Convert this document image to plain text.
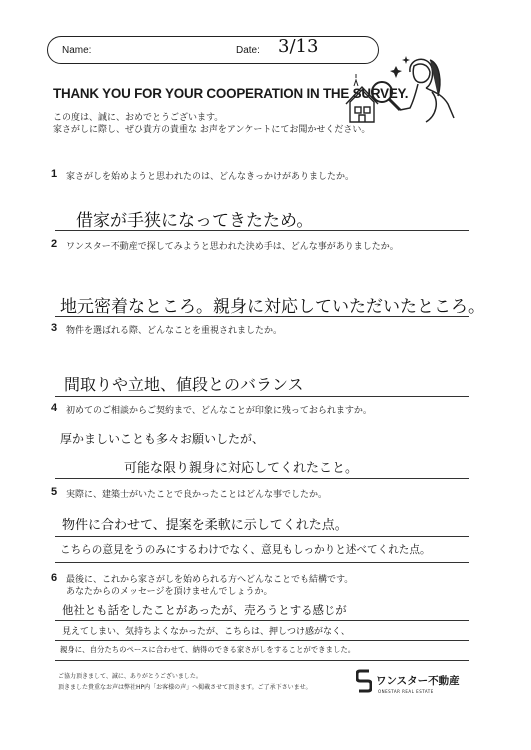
Name:	Date: 3/13
THANK YOU FOR YOUR COOPERATION IN THE SURVEY.
この度は、誠に、おめでとうございます。
家さがしに際し、ぜひ貴方の貴重な お声をアンケートにてお聞かせください。
1 家さがしを始めようと思われたのは、どんなきっかけがありましたか。
借家が手狭になってきたため。
2 ワンスター不動産で探してみようと思われた決め手は、どんな事がありましたか。
地元密着なところ。親身に対応していただいたところ。
3 物件を選ばれる際、どんなことを重視されましたか。
間取りや立地、値段とのバランス
4 初めてのご相談からご契約まで、どんなことが印象に残っておられますか。
厚かましいことも多々お願いしたが、
可能な限り親身に対応してくれたこと。
5 実際に、建築士がいたことで良かったことはどんな事でしたか。
物件に合わせて、提案を柔軟に示してくれた点。
こちらの意見をうのみにするわけでなく、意見もしっかりと述べてくれた点。
6 最後に、これから家さがしを始められる方へどんなことでも結構です。
あなたからのメッセージを頂けませんでしょうか。
他社とも話をしたことがあったが、売ろうとする感じが
見えてしまい、気持ちよくなかったが、こちらは、押しつけ感がなく、
親身に、自分たちのペースに合わせて、納得のできる家さがしをすることができました。
ご協力頂きまして、誠に、ありがとうございました。
頂きました貴重なお声は弊社HP内「お客様の声」へ掲載させて頂きます。ご了承下さいませ。
ワンスター不動産
ONESTAR REAL ESTATE
